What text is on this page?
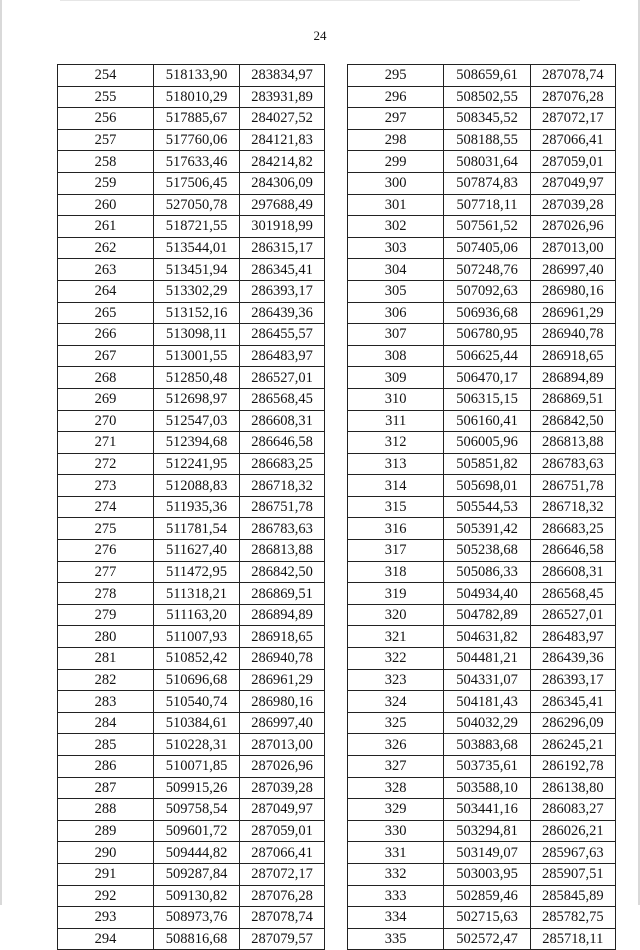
24
254	518133,90	283834,97
255	518010,29	283931,89
256	517885,67	284027,52
257	517760,06	284121,83
258	517633,46	284214,82
259	517506,45	284306,09
260	527050,78	297688,49
261	518721,55	301918,99
262	513544,01	286315,17
263	513451,94	286345,41
264	513302,29	286393,17
265	513152,16	286439,36
266	513098,11	286455,57
267	513001,55	286483,97
268	512850,48	286527,01
269	512698,97	286568,45
270	512547,03	286608,31
271	512394,68	286646,58
272	512241,95	286683,25
273	512088,83	286718,32
274	511935,36	286751,78
275	511781,54	286783,63
276	511627,40	286813,88
277	511472,95	286842,50
278	511318,21	286869,51
279	511163,20	286894,89
280	511007,93	286918,65
281	510852,42	286940,78
282	510696,68	286961,29
283	510540,74	286980,16
284	510384,61	286997,40
285	510228,31	287013,00
286	510071,85	287026,96
287	509915,26	287039,28
288	509758,54	287049,97
289	509601,72	287059,01
290	509444,82	287066,41
291	509287,84	287072,17
292	509130,82	287076,28
293	508973,76	287078,74
294	508816,68	287079,57
295	508659,61	287078,74
296	508502,55	287076,28
297	508345,52	287072,17
298	508188,55	287066,41
299	508031,64	287059,01
300	507874,83	287049,97
301	507718,11	287039,28
302	507561,52	287026,96
303	507405,06	287013,00
304	507248,76	286997,40
305	507092,63	286980,16
306	506936,68	286961,29
307	506780,95	286940,78
308	506625,44	286918,65
309	506470,17	286894,89
310	506315,15	286869,51
311	506160,41	286842,50
312	506005,96	286813,88
313	505851,82	286783,63
314	505698,01	286751,78
315	505544,53	286718,32
316	505391,42	286683,25
317	505238,68	286646,58
318	505086,33	286608,31
319	504934,40	286568,45
320	504782,89	286527,01
321	504631,82	286483,97
322	504481,21	286439,36
323	504331,07	286393,17
324	504181,43	286345,41
325	504032,29	286296,09
326	503883,68	286245,21
327	503735,61	286192,78
328	503588,10	286138,80
329	503441,16	286083,27
330	503294,81	286026,21
331	503149,07	285967,63
332	503003,95	285907,51
333	502859,46	285845,89
334	502715,63	285782,75
335	502572,47	285718,11
